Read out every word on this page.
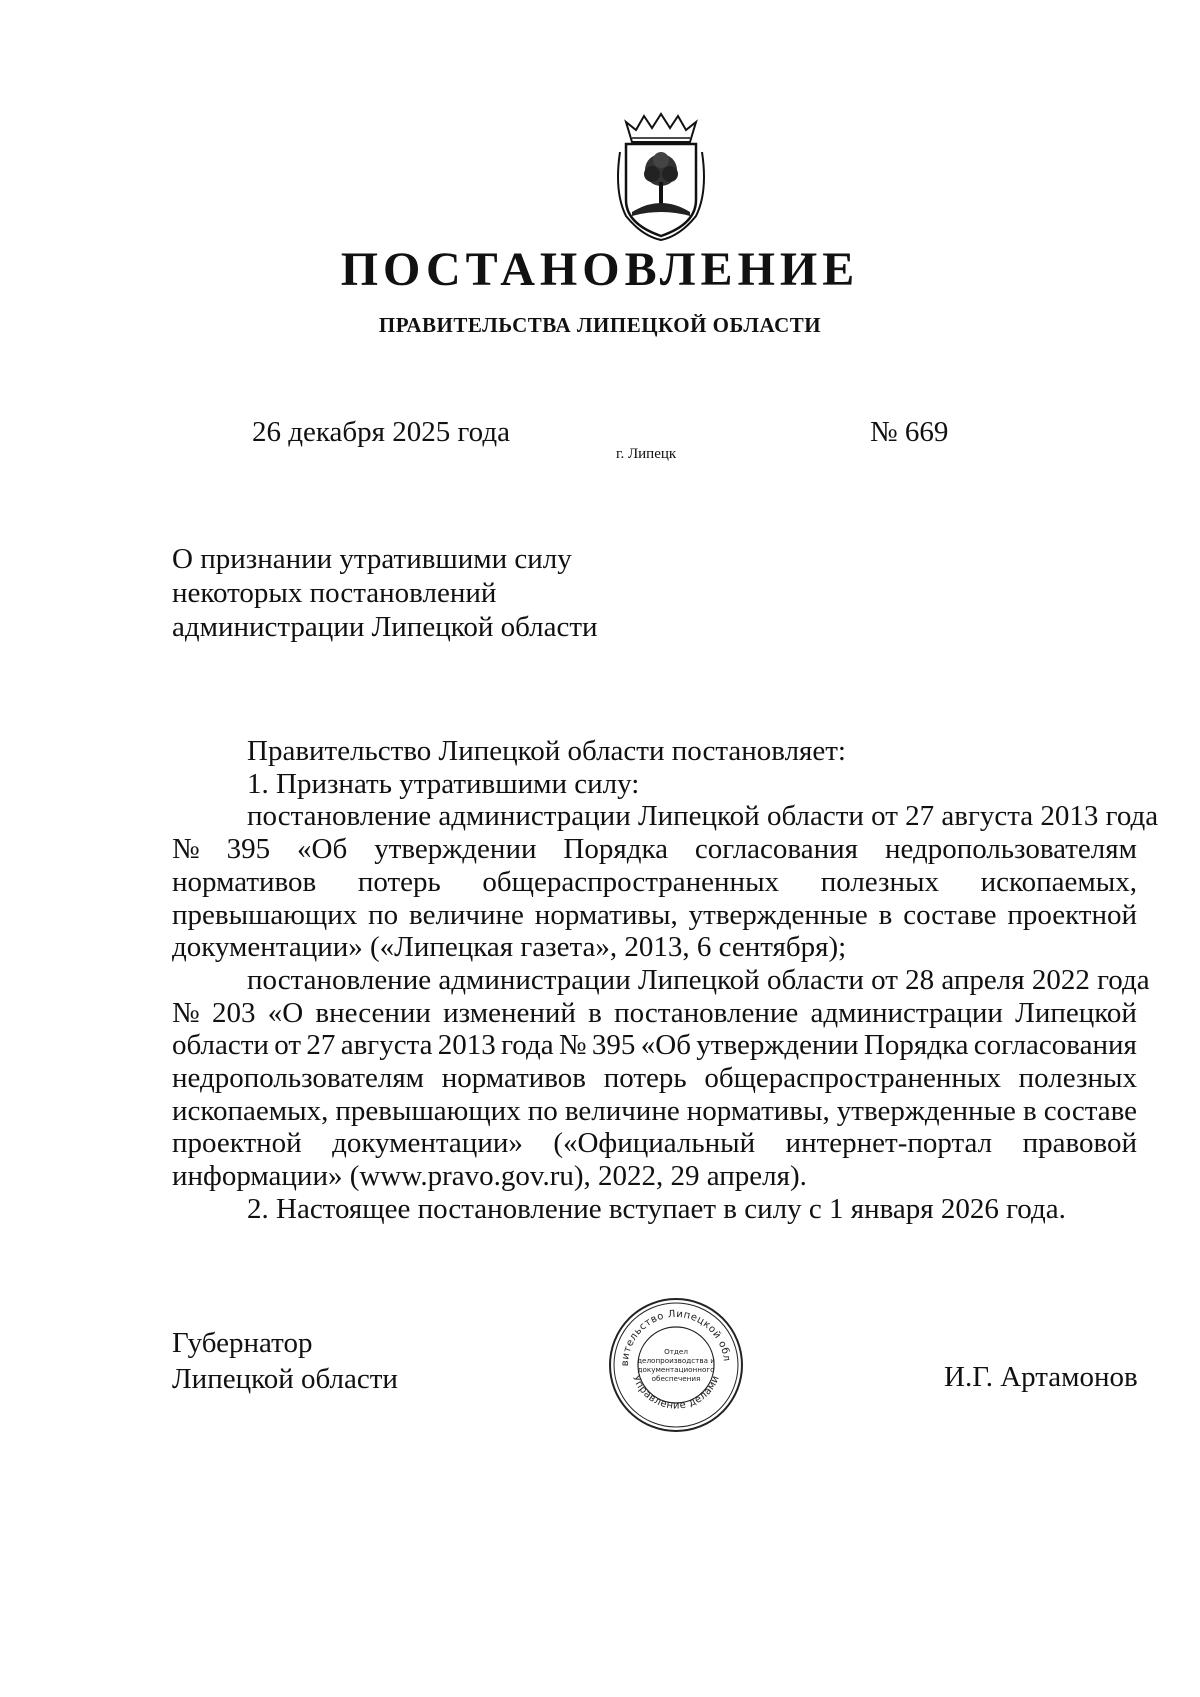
ПОСТАНОВЛЕНИЕ
ПРАВИТЕЛЬСТВА ЛИПЕЦКОЙ ОБЛАСТИ
26 декабря 2025 года
г. Липецк
№ 669
О признании утратившими силу
некоторых постановлений
администрации Липецкой области
Правительство Липецкой области постановляет:
1. Признать утратившими силу:
постановление администрации Липецкой области от 27 августа 2013 года
№ 395 «Об утверждении Порядка согласования недропользователям
нормативов потерь общераспространенных полезных ископаемых,
превышающих по величине нормативы, утвержденные в составе проектной
документации» («Липецкая газета», 2013, 6 сентября);
постановление администрации Липецкой области от 28 апреля 2022 года
№ 203 «О внесении изменений в постановление администрации Липецкой
области от 27 августа 2013 года № 395 «Об утверждении Порядка согласования
недропользователям нормативов потерь общераспространенных полезных
ископаемых, превышающих по величине нормативы, утвержденные в составе
проектной документации» («Официальный интернет-портал правовой
информации» (www.pravo.gov.ru), 2022, 29 апреля).
2. Настоящее постановление вступает в силу с 1 января 2026 года.
Губернатор
Липецкой области	И.Г. Артамонов
вительство Липецкой обл
Управление делами
Отдел
делопроизводства и
документационного
обеспечения
